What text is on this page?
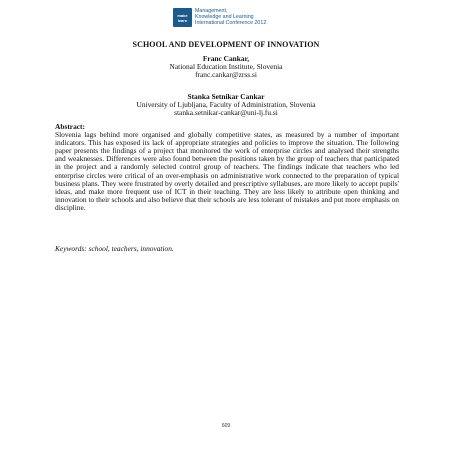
make
learn
Management,
Knowledge and Learning
International Conference 2012
SCHOOL AND DEVELOPMENT OF INNOVATION
Franc Cankar,
National Education Institute, Slovenia
franc.cankar@zrss.si
Stanka Setnikar Cankar
University of Ljubljana, Faculty of Administration, Slovenia
stanka.setnikar-cankar@uni-lj.fu.si
Abstract:
Slovenia lags behind more organised and globally competitive states, as measured by a number of important indicators. This has exposed its lack of appropriate strategies and policies to improve the situation. The following paper presents the findings of a project that monitored the work of enterprise circles and analysed their strengths and weaknesses. Differences were also found between the positions taken by the group of teachers that participated in the project and a randomly selected control group of teachers. The findings indicate that teachers who led enterprise circles were critical of an over-emphasis on administrative work connected to the preparation of typical business plans. They were frustrated by overly detailed and prescriptive syllabuses, are more likely to accept pupils' ideas, and make more frequent use of ICT in their teaching. They are less likely to attribute open thinking and innovation to their schools and also believe that their schools are less tolerant of mistakes and put more emphasis on discipline.
Keywords: school, teachers, innovation.
609
